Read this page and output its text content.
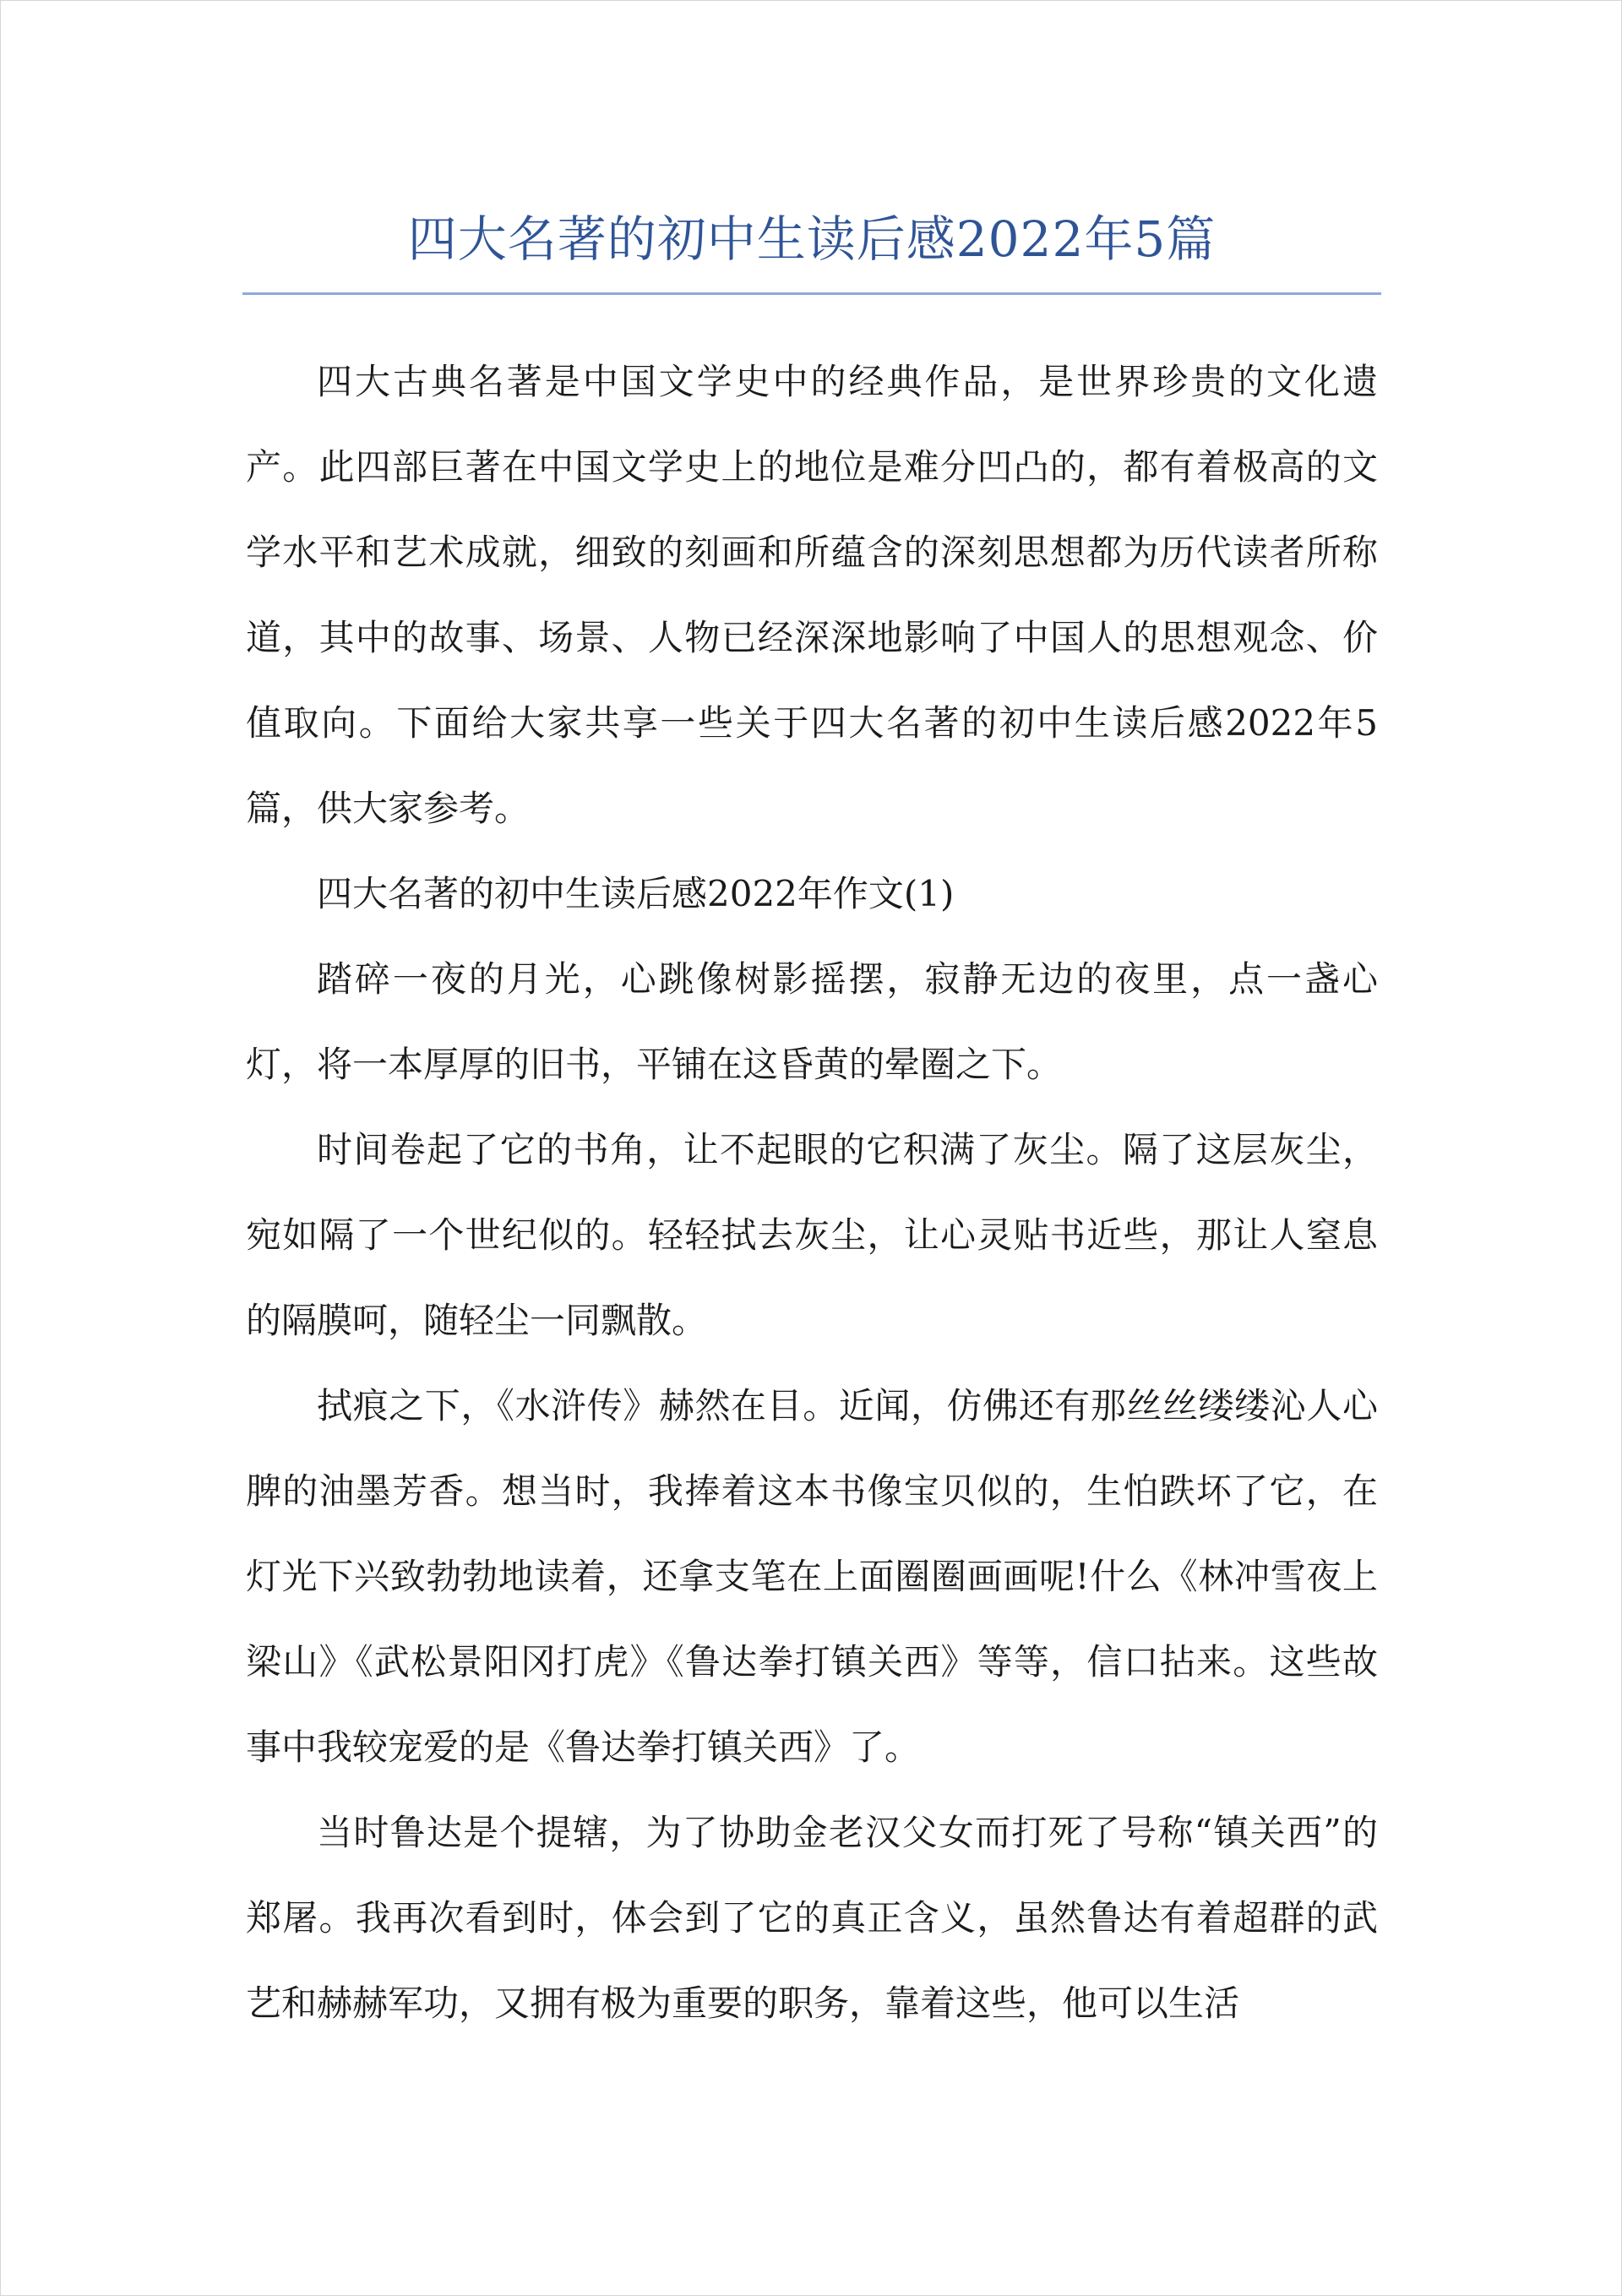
四大名著的初中生读后感2022年5篇

四大古典名著是中国文学史中的经典作品，是世界珍贵的文化遗产。此四部巨著在中国文学史上的地位是难分凹凸的，都有着极高的文学水平和艺术成就，细致的刻画和所蕴含的深刻思想都为历代读者所称道，其中的故事、场景、人物已经深深地影响了中国人的思想观念、价值取向。下面给大家共享一些关于四大名著的初中生读后感2022年5篇，供大家参考。

四大名著的初中生读后感2022年作文(1)

踏碎一夜的月光，心跳像树影摇摆，寂静无边的夜里，点一盏心灯，将一本厚厚的旧书，平铺在这昏黄的晕圈之下。

时间卷起了它的书角，让不起眼的它积满了灰尘。隔了这层灰尘，宛如隔了一个世纪似的。轻轻拭去灰尘，让心灵贴书近些，那让人窒息的隔膜呵，随轻尘一同飘散。

拭痕之下，《水浒传》赫然在目。近闻，仿佛还有那丝丝缕缕沁人心脾的油墨芳香。想当时，我捧着这本书像宝贝似的，生怕跌坏了它，在灯光下兴致勃勃地读着，还拿支笔在上面圈圈画画呢!什么《林冲雪夜上梁山》《武松景阳冈打虎》《鲁达拳打镇关西》等等，信口拈来。这些故事中我较宠爱的是《鲁达拳打镇关西》了。

当时鲁达是个提辖，为了协助金老汉父女而打死了号称“镇关西”的郑屠。我再次看到时，体会到了它的真正含义，虽然鲁达有着超群的武艺和赫赫军功，又拥有极为重要的职务，靠着这些，他可以生活
